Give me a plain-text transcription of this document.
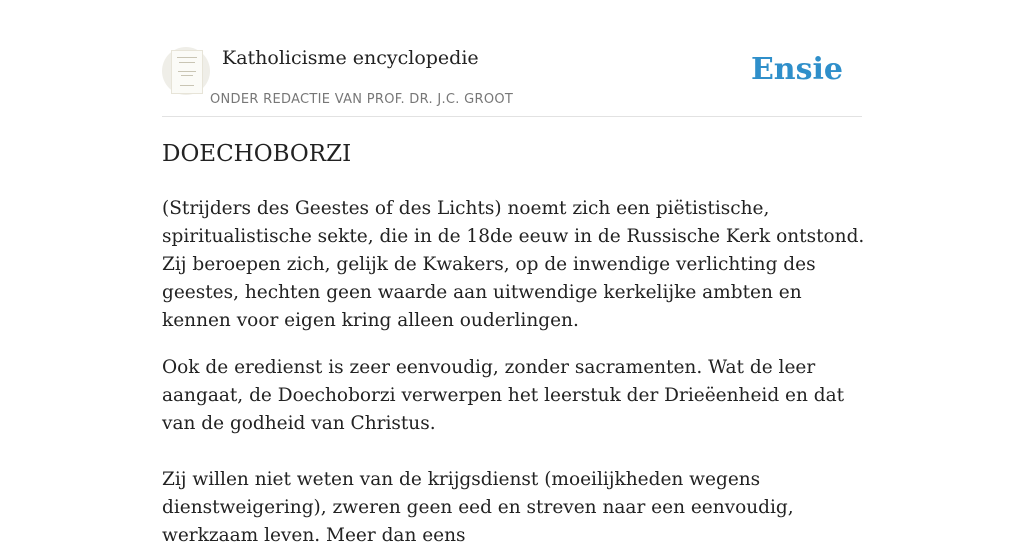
Katholicisme encyclopedie
ONDER REDACTIE VAN PROF. DR. J.C. GROOT
Ensie
DOECHOBORZI

(Strijders des Geestes of des Lichts) noemt zich een piëtistische, spiritualistische sekte, die in de 18de eeuw in de Russische Kerk ontstond. Zij beroepen zich, gelijk de Kwakers, op de inwendige verlichting des geestes, hechten geen waarde aan uitwendige kerkelijke ambten en kennen voor eigen kring alleen ouderlingen.

Ook de eredienst is zeer eenvoudig, zonder sacramenten. Wat de leer aangaat, de Doechoborzi verwerpen het leerstuk der Drieëenheid en dat van de godheid van Christus.

Zij willen niet weten van de krijgsdienst (moeilijkheden wegens dienstweigering), zweren geen eed en streven naar een eenvoudig, werkzaam leven. Meer dan eens
